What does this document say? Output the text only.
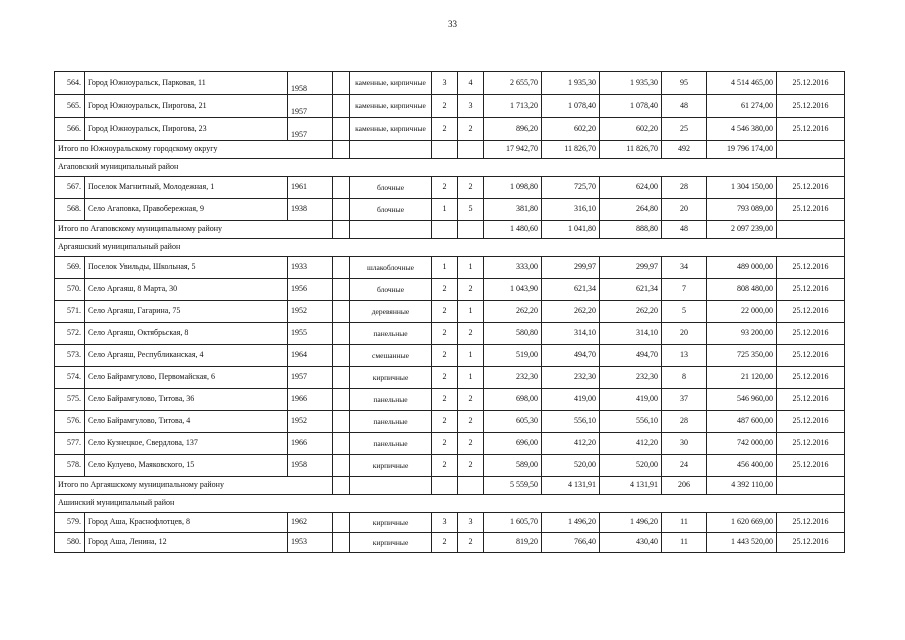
33
564.	Город Южноуральск, Парковая, 11	1958		каменные, кирпичные	3	4	2 655,70	1 935,30	1 935,30	95	4 514 465,00	25.12.2016
565.	Город Южноуральск, Пирогова, 21	1957		каменные, кирпичные	2	3	1 713,20	1 078,40	1 078,40	48	61 274,00	25.12.2016
566.	Город Южноуральск, Пирогова, 23	1957		каменные, кирпичные	2	2	896,20	602,20	602,20	25	4 546 380,00	25.12.2016
Итого по Южноуральскому городскому округу							17 942,70	11 826,70	11 826,70	492	19 796 174,00	
Агаповский муниципальный район												
567.	Поселок Магнитный, Молодежная, 1	1961		блочные	2	2	1 098,80	725,70	624,00	28	1 304 150,00	25.12.2016
568.	Село Агаповка, Правобережная, 9	1938		блочные	1	5	381,80	316,10	264,80	20	793 089,00	25.12.2016
Итого по Агаповскому муниципальному району							1 480,60	1 041,80	888,80	48	2 097 239,00	
Аргаяшский муниципальный район												
569.	Поселок Увильды, Школьная, 5	1933		шлакоблочные	1	1	333,00	299,97	299,97	34	489 000,00	25.12.2016
570.	Село Аргаяш, 8 Марта, 30	1956		блочные	2	2	1 043,90	621,34	621,34	7	808 480,00	25.12.2016
571.	Село Аргаяш, Гагарина, 75	1952		деревянные	2	1	262,20	262,20	262,20	5	22 000,00	25.12.2016
572.	Село Аргаяш, Октябрьская, 8	1955		панельные	2	2	580,80	314,10	314,10	20	93 200,00	25.12.2016
573.	Село Аргаяш, Республиканская, 4	1964		смешанные	2	1	519,00	494,70	494,70	13	725 350,00	25.12.2016
574.	Село Байрамгулово, Первомайская, 6	1957		кирпичные	2	1	232,30	232,30	232,30	8	21 120,00	25.12.2016
575.	Село Байрамгулово, Титова, 36	1966		панельные	2	2	698,00	419,00	419,00	37	546 960,00	25.12.2016
576.	Село Байрамгулово, Титова, 4	1952		панельные	2	2	605,30	556,10	556,10	28	487 600,00	25.12.2016
577.	Село Кузнецкое, Свердлова, 137	1966		панельные	2	2	696,00	412,20	412,20	30	742 000,00	25.12.2016
578.	Село Кулуево, Маяковского, 15	1958		кирпичные	2	2	589,00	520,00	520,00	24	456 400,00	25.12.2016
Итого по Аргаяшскому муниципальному району							5 559,50	4 131,91	4 131,91	206	4 392 110,00	
Ашинский муниципальный район												
579.	Город Аша, Краснофлотцев, 8	1962		кирпичные	3	3	1 605,70	1 496,20	1 496,20	11	1 620 669,00	25.12.2016
580.	Город Аша, Ленина, 12	1953		кирпичные	2	2	819,20	766,40	430,40	11	1 443 520,00	25.12.2016
